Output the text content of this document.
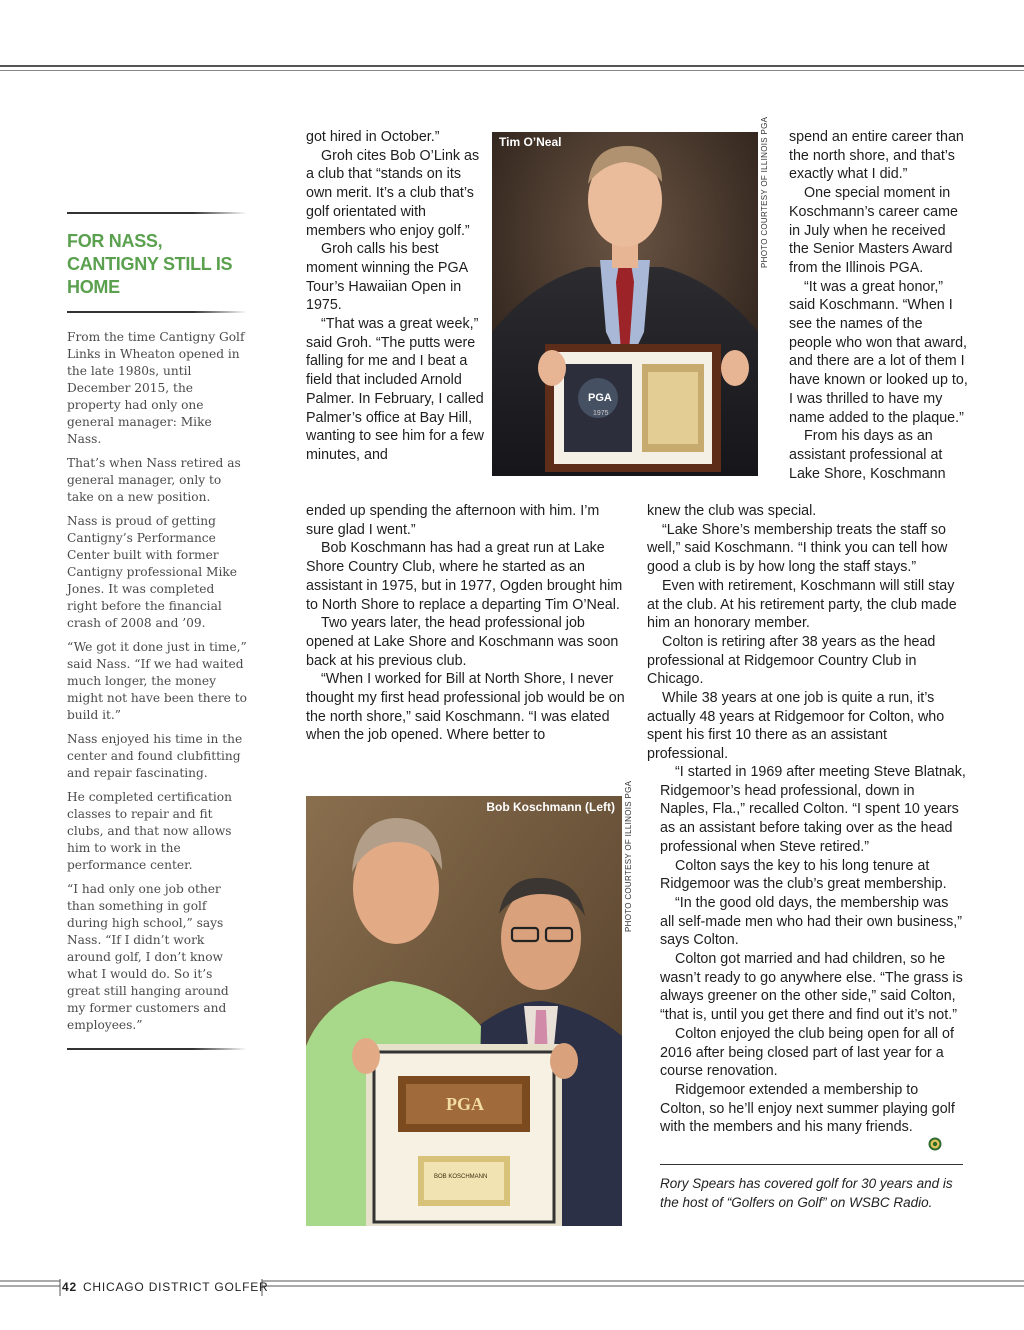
FOR NASS, CANTIGNY STILL IS HOME

From the time Cantigny Golf Links in Wheaton opened in the late 1980s, until December 2015, the property had only one general manager: Mike Nass.

That’s when Nass retired as general manager, only to take on a new position.

Nass is proud of getting Cantigny’s Performance Center built with former Cantigny professional Mike Jones. It was completed right before the financial crash of 2008 and ’09.

“We got it done just in time,” said Nass. “If we had waited much longer, the money might not have been there to build it.”

Nass enjoyed his time in the center and found clubfitting and repair fascinating.

He completed certification classes to repair and fit clubs, and that now allows him to work in the performance center.

“I had only one job other than something in golf during high school,” says Nass. “If I didn’t work around golf, I don’t know what I would do. So it’s great still hanging around my former customers and employees.”

got hired in October.”

Groh cites Bob O’Link as a club that “stands on its own merit. It’s a club that’s golf orientated with members who enjoy golf.”

Groh calls his best moment winning the PGA Tour’s Hawaiian Open in 1975.

“That was a great week,” said Groh. “The putts were falling for me and I beat a field that included Arnold Palmer. In February, I called Palmer’s office at Bay Hill, wanting to see him for a few minutes, and

ended up spending the afternoon with him. I’m sure glad I went.”

Bob Koschmann has had a great run at Lake Shore Country Club, where he started as an assistant in 1975, but in 1977, Ogden brought him to North Shore to replace a departing Tim O’Neal.

Two years later, the head professional job opened at Lake Shore and Koschmann was soon back at his previous club.

“When I worked for Bill at North Shore, I never thought my first head professional job would be on the north shore,” said Koschmann. “I was elated when the job opened. Where better to

spend an entire career than the north shore, and that’s exactly what I did.”

One special moment in Koschmann’s career came in July when he received the Senior Masters Award from the Illinois PGA.

“It was a great honor,” said Koschmann. “When I see the names of the people who won that award, and there are a lot of them I have known or looked up to, I was thrilled to have my name added to the plaque.”

From his days as an assistant professional at Lake Shore, Koschmann

knew the club was special.

“Lake Shore’s membership treats the staff so well,” said Koschmann. “I think you can tell how good a club is by how long the staff stays.”

Even with retirement, Koschmann will still stay at the club. At his retirement party, the club made him an honorary member.

Colton is retiring after 38 years as the head professional at Ridgemoor Country Club in Chicago.

While 38 years at one job is quite a run, it’s actually 48 years at Ridgemoor for Colton, who spent his first 10 there as an assistant professional.

“I started in 1969 after meeting Steve Blatnak, Ridgemoor’s head professional, down in Naples, Fla.,” recalled Colton. “I spent 10 years as an assistant before taking over as the head professional when Steve retired.”

Colton says the key to his long tenure at Ridgemoor was the club’s great membership.

“In the good old days, the membership was all self-made men who had their own business,” says Colton.

Colton got married and had children, so he wasn’t ready to go anywhere else. “The grass is always greener on the other side,” said Colton, “that is, until you get there and find out it’s not.”

Colton enjoyed the club being open for all of 2016 after being closed part of last year for a course renovation.

Ridgemoor extended a membership to Colton, so he’ll enjoy next summer playing golf with the members and his many friends.

PGA
1975
Tim O’Neal	PHOTO COURTESY OF ILLINOIS PGA
PGA
BOB KOSCHMANN
Bob Koschmann (Left) PHOTO COURTESY OF ILLINOIS PGA
Rory Spears has covered golf for 30 years and is the host of “Golfers on Golf” on WSBC Radio.
42 CHICAGO DISTRICT GOLFER
